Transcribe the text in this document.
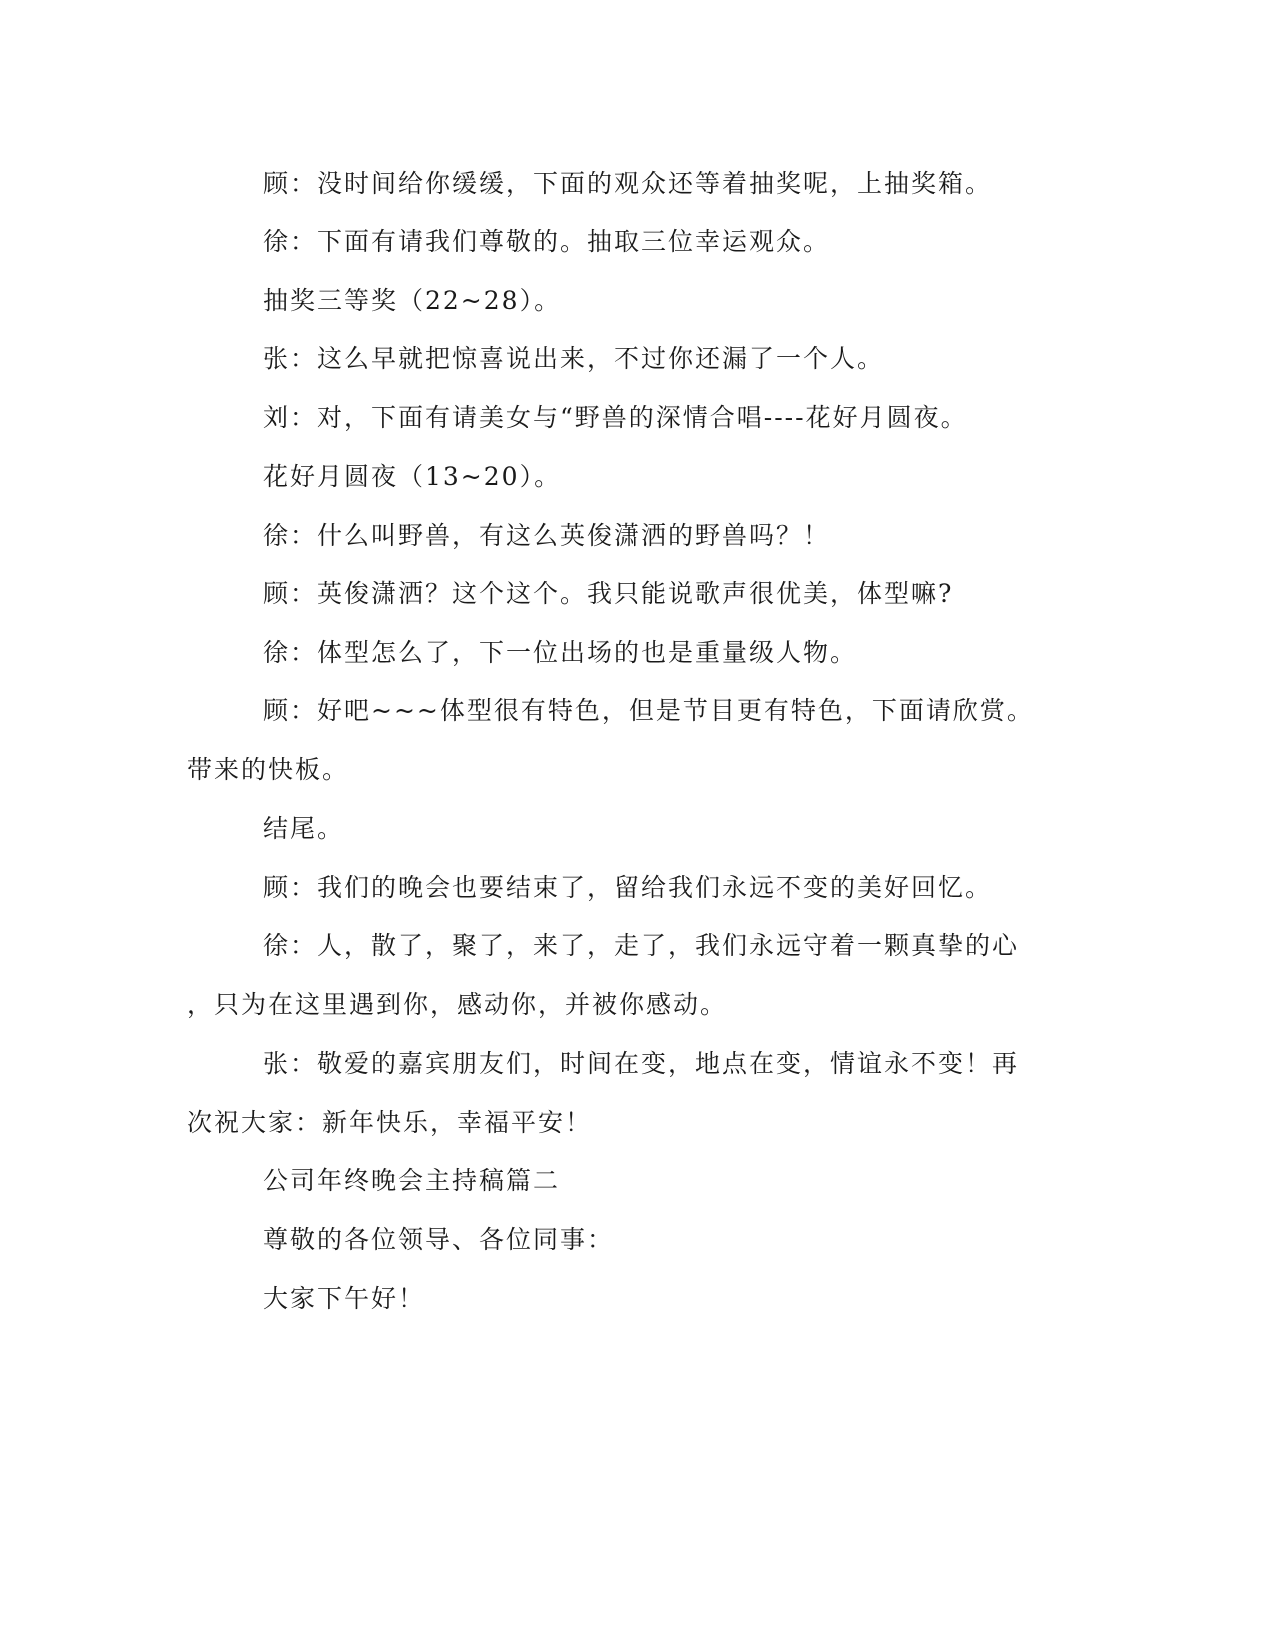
顾：没时间给你缓缓，下面的观众还等着抽奖呢，上抽奖箱。

徐：下面有请我们尊敬的。抽取三位幸运观众。

抽奖三等奖（22~28）。

张：这么早就把惊喜说出来，不过你还漏了一个人。

刘：对，下面有请美女与“野兽的深情合唱----花好月圆夜。

花好月圆夜（13~20）。

徐：什么叫野兽，有这么英俊潇洒的野兽吗？！

顾：英俊潇洒？这个这个。我只能说歌声很优美，体型嘛?

徐：体型怎么了，下一位出场的也是重量级人物。

顾：好吧~~~体型很有特色，但是节目更有特色，下面请欣赏。

带来的快板。

结尾。

顾：我们的晚会也要结束了，留给我们永远不变的美好回忆。

徐：人，散了，聚了，来了，走了，我们永远守着一颗真挚的心

，只为在这里遇到你，感动你，并被你感动。

张：敬爱的嘉宾朋友们，时间在变，地点在变，情谊永不变！再

次祝大家：新年快乐，幸福平安！

公司年终晚会主持稿篇二

尊敬的各位领导、各位同事：

大家下午好！
